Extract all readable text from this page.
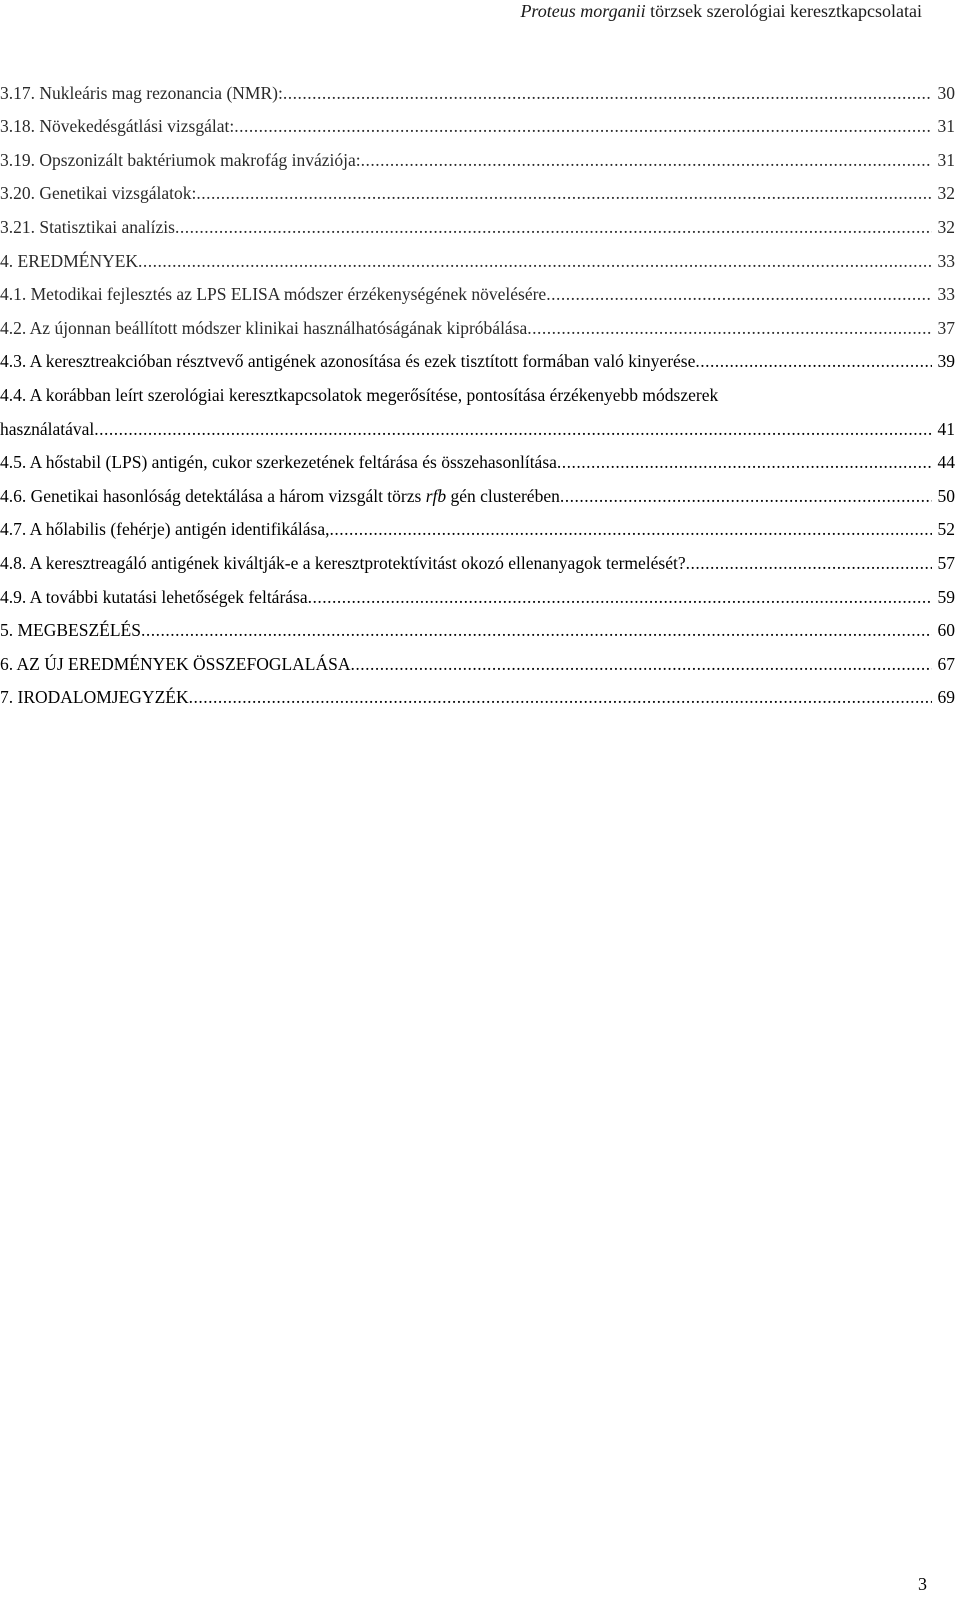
Proteus morganii törzsek szerológiai keresztkapcsolatai
3.17. Nukleáris mag rezonancia (NMR): .....	30
3.18. Növekedésgátlási vizsgálat: .....	31
3.19. Opszonizált baktériumok makrofág inváziója: .....	31
3.20. Genetikai vizsgálatok: .....	32
3.21. Statisztikai analízis .....	32
4. EREDMÉNYEK .....	33
4.1. Metodikai fejlesztés az LPS ELISA módszer érzékenységének növelésére .....	33
4.2. Az újonnan beállított módszer klinikai használhatóságának kipróbálása .....	37
4.3. A keresztreakcióban résztvevő antigének azonosítása és ezek tisztított formában való kinyerése .....	39
4.4. A korábban leírt szerológiai keresztkapcsolatok megerősítése, pontosítása érzékenyebb módszerek
használatával .....	41
4.5. A hőstabil (LPS) antigén, cukor szerkezetének feltárása és összehasonlítása .....	44
4.6. Genetikai hasonlóság detektálása a három vizsgált törzs rfb gén clusterében .....	50
4.7. A hőlabilis (fehérje) antigén identifikálása, .....	52
4.8. A keresztreagáló antigének kiváltják-e a keresztprotektívitást okozó ellenanyagok termelését? .....	57
4.9. A további kutatási lehetőségek feltárása .....	59
5. MEGBESZÉLÉS .....	60
6. AZ ÚJ EREDMÉNYEK ÖSSZEFOGLALÁSA .....	67
7. IRODALOMJEGYZÉK .....	69
3
